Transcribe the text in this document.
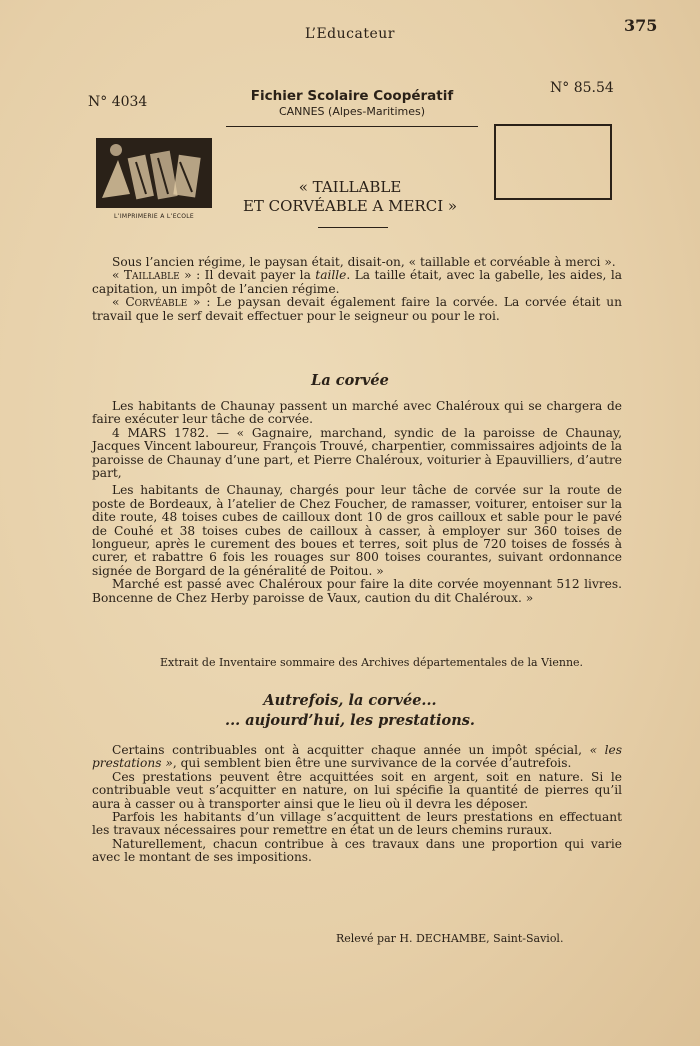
L’Educateur	375
N° 4034
N° 85.54
Fichier Scolaire Coopératif
CANNES (Alpes-Maritimes)
L’IMPRIMERIE A L’ECOLE
« TAILLABLE
ET CORVÉABLE A MERCI »

Sous l’ancien régime, le paysan était, disait-on, « taillable et corvéable à merci ».

« Taillable » : Il devait payer la taille. La taille était, avec la gabelle, les aides, la capitation, un impôt de l’ancien régime.

« Corvéable » : Le paysan devait également faire la corvée. La corvée était un travail que le serf devait effectuer pour le seigneur ou pour le roi.

La corvée

Les habitants de Chaunay passent un marché avec Chaléroux qui se chargera de faire exécuter leur tâche de corvée.

4 MARS 1782. — « Gagnaire, marchand, syndic de la paroisse de Chaunay, Jacques Vincent laboureur, François Trouvé, charpentier, commissaires adjoints de la paroisse de Chaunay d’une part, et Pierre Chaléroux, voiturier à Epauvilliers, d’autre part,

Les habitants de Chaunay, chargés pour leur tâche de corvée sur la route de poste de Bordeaux, à l’atelier de Chez Foucher, de ramasser, voiturer, entoiser sur la dite route, 48 toises cubes de cailloux dont 10 de gros cailloux et sable pour le pavé de Couhé et 38 toises cubes de cailloux à casser, à employer sur 360 toises de longueur, après le curement des boues et terres, soit plus de 720 toises de fossés à curer, et rabattre 6 fois les rouages sur 800 toises courantes, suivant ordonnance signée de Borgard de la généralité de Poitou. »

Marché est passé avec Chaléroux pour faire la dite corvée moyennant 512 livres. Boncenne de Chez Herby paroisse de Vaux, caution du dit Chaléroux. »

Extrait de Inventaire sommaire des Archives départementales de la Vienne.
Autrefois, la corvée...
... aujourd’hui, les prestations.

Certains contribuables ont à acquitter chaque année un impôt spécial, « les prestations », qui semblent bien être une survivance de la corvée d’autrefois.

Ces prestations peuvent être acquittées soit en argent, soit en nature. Si le contribuable veut s’acquitter en nature, on lui spécifie la quantité de pierres qu’il aura à casser ou à transporter ainsi que le lieu où il devra les déposer.

Parfois les habitants d’un village s’acquittent de leurs prestations en effectuant les travaux nécessaires pour remettre en état un de leurs chemins ruraux.

Naturellement, chacun contribue à ces travaux dans une proportion qui varie avec le montant de ses impositions.

Relevé par H. DECHAMBE, Saint-Saviol.
